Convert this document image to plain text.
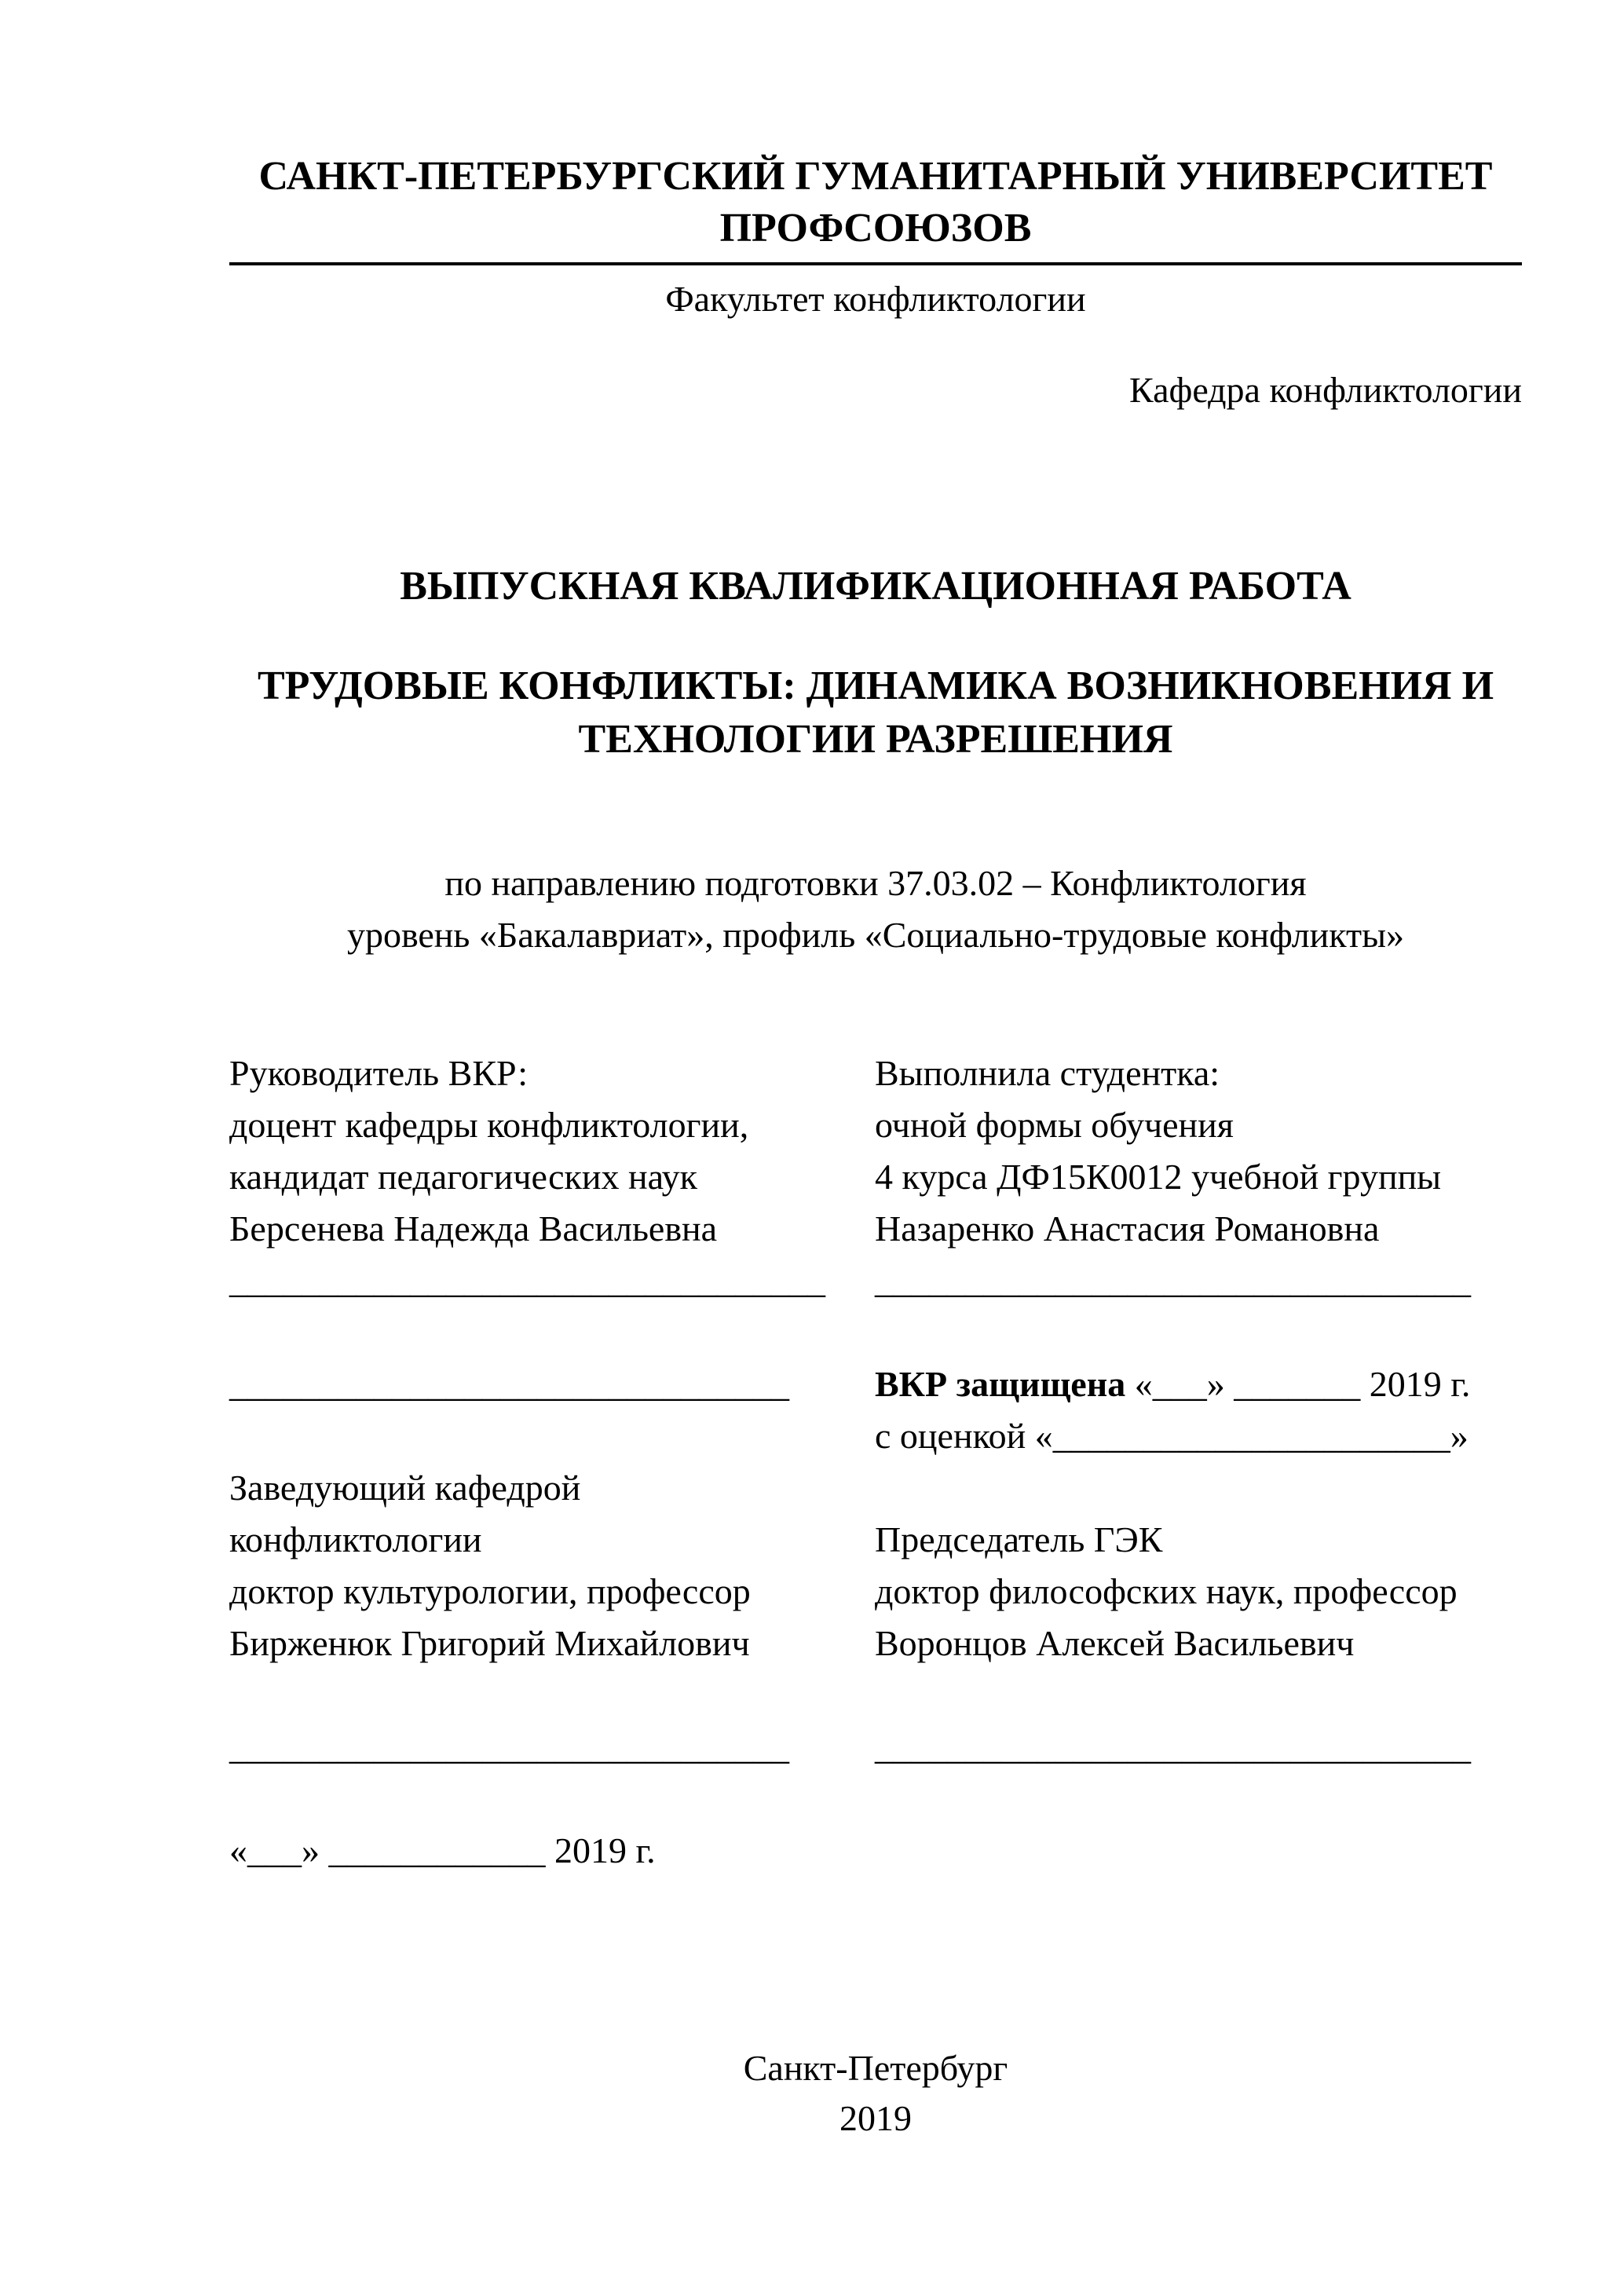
САНКТ-ПЕТЕРБУРГСКИЙ ГУМАНИТАРНЫЙ УНИВЕРСИТЕТ
ПРОФСОЮЗОВ
Факультет конфликтологии
Кафедра конфликтологии
ВЫПУСКНАЯ КВАЛИФИКАЦИОННАЯ РАБОТА
ТРУДОВЫЕ КОНФЛИКТЫ: ДИНАМИКА ВОЗНИКНОВЕНИЯ И
ТЕХНОЛОГИИ РАЗРЕШЕНИЯ
по направлению подготовки 37.03.02 – Конфликтология
уровень «Бакалавриат», профиль «Социально-трудовые конфликты»
Руководитель ВКР:
доцент кафедры конфликтологии,
кандидат педагогических наук
Берсенева Надежда Васильевна
_________________________________
_______________________________
Заведующий кафедрой
конфликтологии
доктор культурологии, профессор
Бирженюк Григорий Михайлович
_______________________________
«___» ____________ 2019 г.
Выполнила студентка:
очной формы обучения
4 курса ДФ15К0012 учебной группы
Назаренко Анастасия Романовна
_________________________________
ВКР защищена «___» _______ 2019 г.
с оценкой «______________________»
Председатель ГЭК
доктор философских наук, профессор
Воронцов Алексей Васильевич
_________________________________
Санкт-Петербург
2019
